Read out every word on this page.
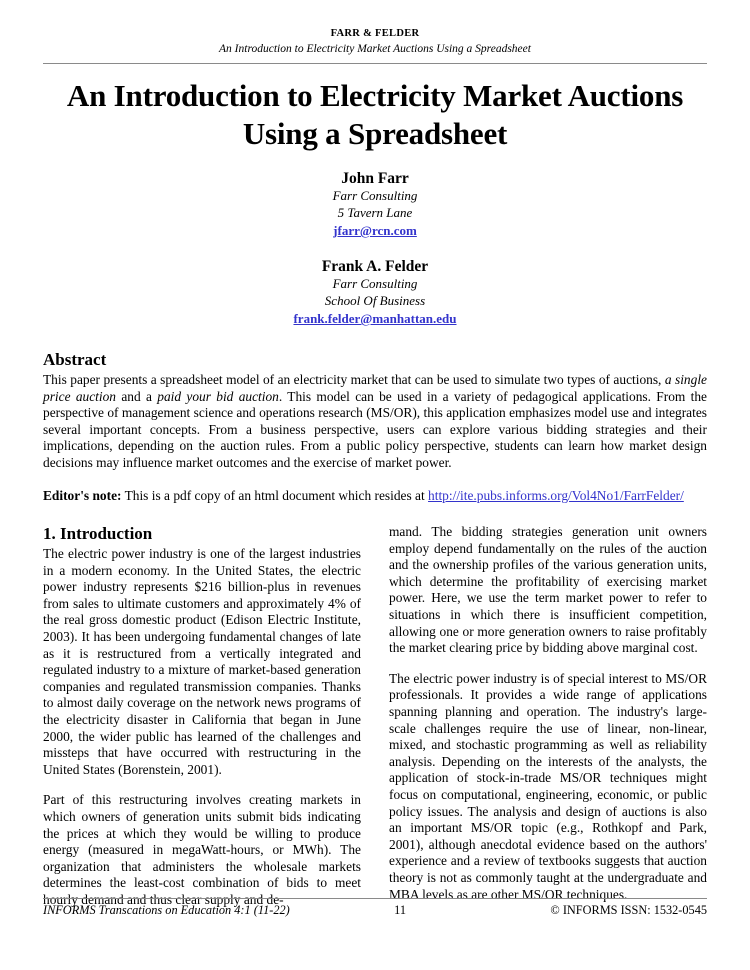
FARR & FELDER
An Introduction to Electricity Market Auctions Using a Spreadsheet
An Introduction to Electricity Market Auctions Using a Spreadsheet
John Farr
Farr Consulting
5 Tavern Lane
jfarr@rcn.com
Frank A. Felder
Farr Consulting
School Of Business
frank.felder@manhattan.edu
Abstract

This paper presents a spreadsheet model of an electricity market that can be used to simulate two types of auctions, a single price auction and a paid your bid auction. This model can be used in a variety of pedagogical applications. From the perspective of management science and operations research (MS/OR), this application emphasizes model use and integrates several important concepts. From a business perspective, users can explore various bidding strategies and their implications, depending on the auction rules. From a public policy perspective, students can learn how market design decisions may influence market outcomes and the exercise of market power.

Editor's note: This is a pdf copy of an html document which resides at http://ite.pubs.informs.org/Vol4No1/FarrFelder/

1. Introduction

The electric power industry is one of the largest industries in a modern economy. In the United States, the electric power industry represents $216 billion-plus in revenues from sales to ultimate customers and approximately 4% of the real gross domestic product (Edison Electric Institute, 2003). It has been undergoing fundamental changes of late as it is restructured from a vertically integrated and regulated industry to a mixture of market-based generation companies and regulated transmission companies. Thanks to almost daily coverage on the network news programs of the electricity disaster in California that began in June 2000, the wider public has learned of the challenges and missteps that have occurred with restructuring in the United States (Borenstein, 2001).

Part of this restructuring involves creating markets in which owners of generation units submit bids indicating the prices at which they would be willing to produce energy (measured in megaWatt-hours, or MWh). The organization that administers the wholesale markets determines the least-cost combination of bids to meet hourly demand and thus clear supply and de-

mand. The bidding strategies generation unit owners employ depend fundamentally on the rules of the auction and the ownership profiles of the various generation units, which determine the profitability of exercising market power. Here, we use the term market power to refer to situations in which there is insufficient competition, allowing one or more generation owners to raise profitably the market clearing price by bidding above marginal cost.

The electric power industry is of special interest to MS/OR professionals. It provides a wide range of applications spanning planning and operation. The industry's large-scale challenges require the use of linear, non-linear, mixed, and stochastic programming as well as reliability analysis. Depending on the interests of the analysts, the application of stock-in-trade MS/OR techniques might focus on computational, engineering, economic, or public policy issues. The analysis and design of auctions is also an important MS/OR topic (e.g., Rothkopf and Park, 2001), although anecdotal evidence based on the authors' experience and a review of textbooks suggests that auction theory is not as commonly taught at the undergraduate and MBA levels as are other MS/OR techniques.

INFORMS Transcations on Education 4:1 (11-22)	11	© INFORMS ISSN: 1532-0545
